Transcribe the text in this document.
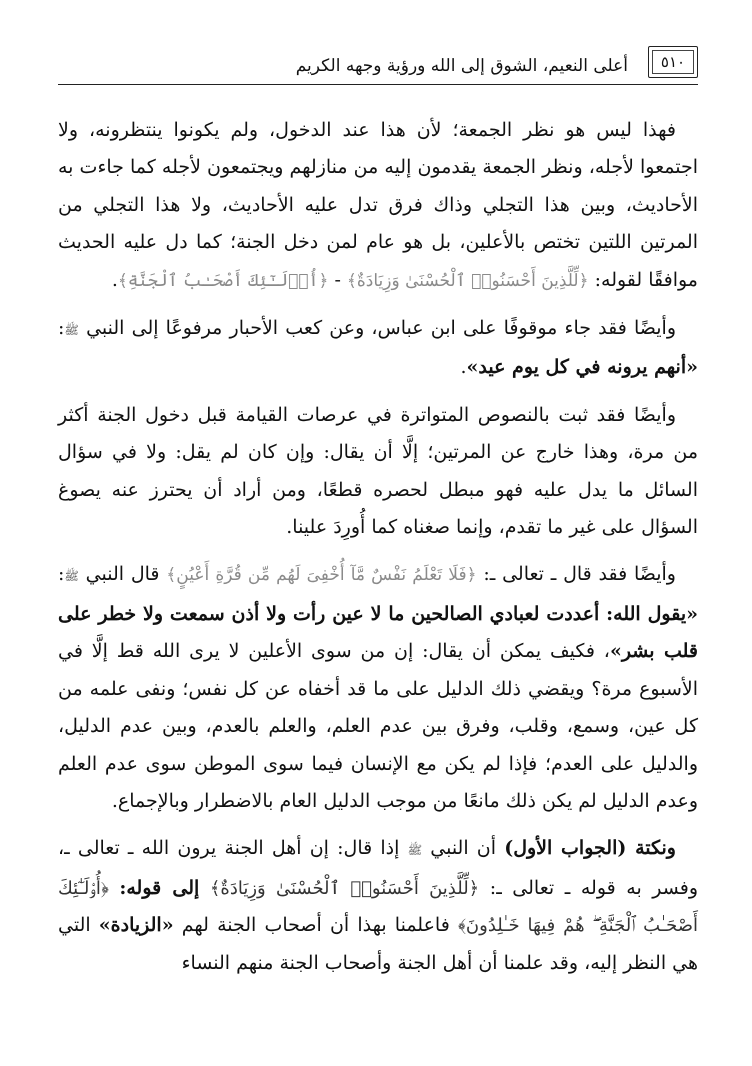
٥١٠
أعلى النعيم، الشوق إلى الله ورؤية وجهه الكريم

فهذا ليس هو نظر الجمعة؛ لأن هذا عند الدخول، ولم يكونوا ينتظرونه، ولا اجتمعوا لأجله، ونظر الجمعة يقدمون إليه من منازلهم ويجتمعون لأجله كما جاءت به الأحاديث، وبين هذا التجلي وذاك فرق تدل عليه الأحاديث، ولا هذا التجلي من المرتين اللتين تختص بالأعلين، بل هو عام لمن دخل الجنة؛ كما دل عليه الحديث موافقًا لقوله: ﴿لِّلَّذِينَ أَحْسَنُوا۟ ٱلْحُسْنَىٰ وَزِيَادَةٌ﴾ - ﴿أُو۟لَـٰٓئِكَ أَصْحَـٰبُ ٱلْجَنَّةِ﴾.

وأيضًا فقد جاء موقوفًا على ابن عباس، وعن كعب الأحبار مرفوعًا إلى النبي ﷺ: «أنهم يرونه في كل يوم عيد».

وأيضًا فقد ثبت بالنصوص المتواترة في عرصات القيامة قبل دخول الجنة أكثر من مرة، وهذا خارج عن المرتين؛ إلَّا أن يقال: وإن كان لم يقل: ولا في سؤال السائل ما يدل عليه فهو مبطل لحصره قطعًا، ومن أراد أن يحترز عنه يصوغ السؤال على غير ما تقدم، وإنما صغناه كما أُورِدَ علينا.

وأيضًا فقد قال ـ تعالى ـ: ﴿فَلَا تَعْلَمُ نَفْسٌ مَّآ أُخْفِىَ لَهُم مِّن قُرَّةِ أَعْيُنٍ﴾ قال النبي ﷺ: «يقول الله: أعددت لعبادي الصالحين ما لا عين رأت ولا أذن سمعت ولا خطر على قلب بشر»، فكيف يمكن أن يقال: إن من سوى الأعلين لا يرى الله قط إلَّا في الأسبوع مرة؟ ويقضي ذلك الدليل على ما قد أخفاه عن كل نفس؛ ونفى علمه من كل عين، وسمع، وقلب، وفرق بين عدم العلم، والعلم بالعدم، وبين عدم الدليل، والدليل على العدم؛ فإذا لم يكن مع الإنسان فيما سوى الموطن سوى عدم العلم وعدم الدليل لم يكن ذلك مانعًا من موجب الدليل العام بالاضطرار وبالإجماع.

ونكتة (الجواب الأول) أن النبي ﷺ إذا قال: إن أهل الجنة يرون الله ـ تعالى ـ، وفسر به قوله ـ تعالى ـ: ﴿لِّلَّذِينَ أَحْسَنُوا۟ ٱلْحُسْنَىٰ وَزِيَادَةٌ﴾ إلى قوله: ﴿أُو۟لَـٰٓئِكَ أَصْحَـٰبُ ٱلْجَنَّةِ ۖ هُمْ فِيهَا خَـٰلِدُونَ﴾ فاعلمنا بهذا أن أصحاب الجنة لهم «الزيادة» التي هي النظر إليه، وقد علمنا أن أهل الجنة وأصحاب الجنة منهم النساء
